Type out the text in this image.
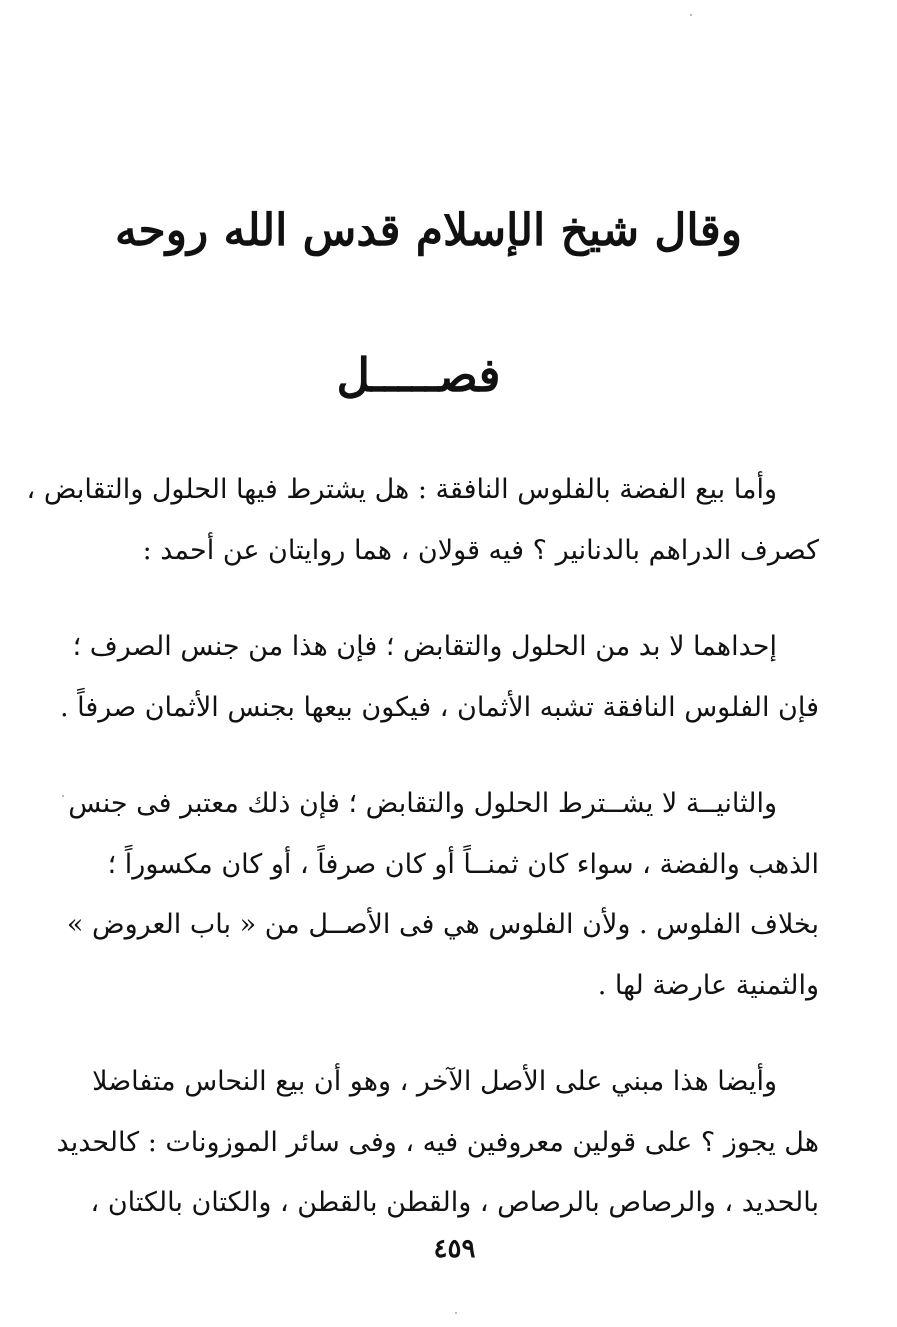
وقال شيخ الإسلام قدس الله روحه
فصـــــل

وأما بيع الفضة بالفلوس النافقة : هل يشترط فيها الحلول والتقابض ،
كصرف الدراهم بالدنانير ؟ فيه قولان ، هما روايتان عن أحمد :

إحداهما لا بد من الحلول والتقابض ؛ فإن هذا من جنس الصرف ؛
فإن الفلوس النافقة تشبه الأثمان ، فيكون بيعها بجنس الأثمان صرفاً .

والثانيــة لا يشــترط الحلول والتقابض ؛ فإن ذلك معتبر فى جنس
الذهب والفضة ، سواء كان ثمنــاً أو كان صرفاً ، أو كان مكسوراً ؛
بخلاف الفلوس . ولأن الفلوس هي فى الأصــل من « باب العروض »
والثمنية عارضة لها .

وأيضا هذا مبني على الأصل الآخر ، وهو أن بيع النحاس متفاضلا
هل يجوز ؟ على قولين معروفين فيه ، وفى سائر الموزونات : كالحديد
بالحديد ، والرصاص بالرصاص ، والقطن بالقطن ، والكتان بالكتان ،

٤٥٩
